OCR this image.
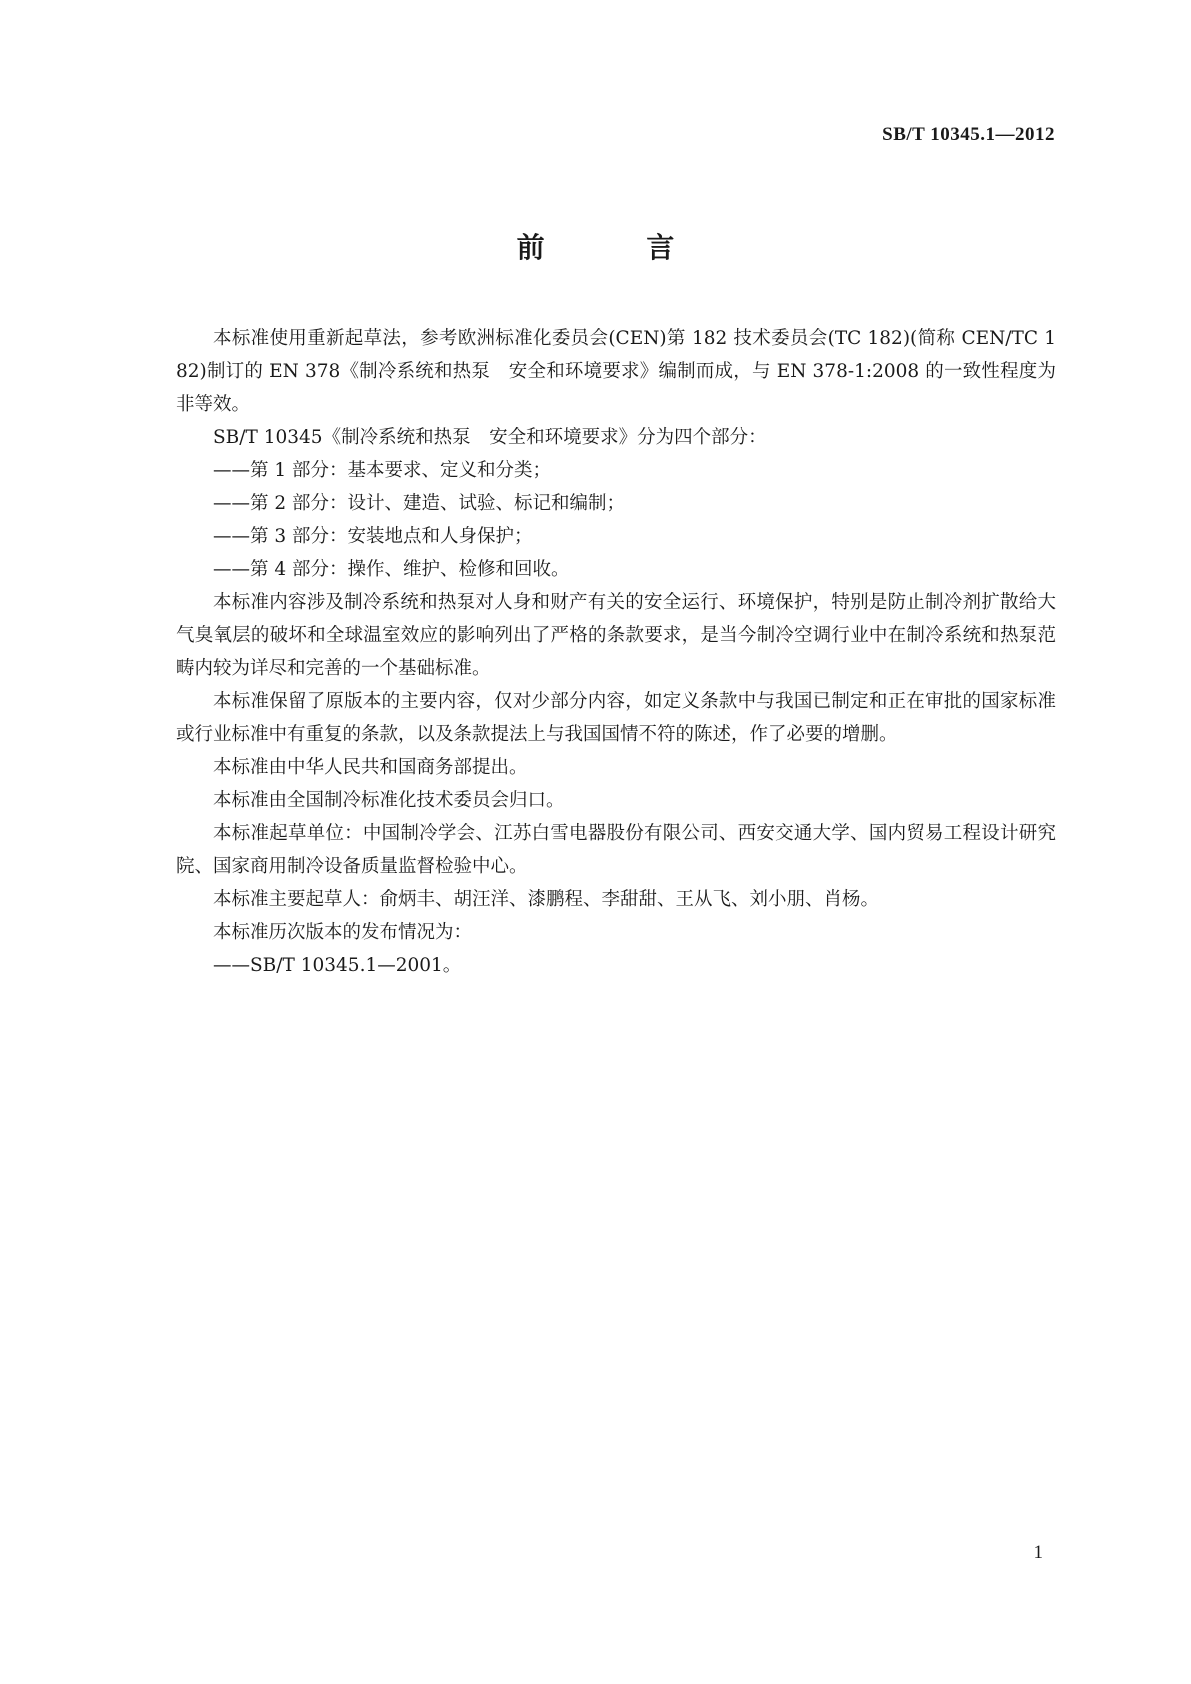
SB/T 10345.1—2012
前 言

本标准使用重新起草法，参考欧洲标准化委员会(CEN)第 182 技术委员会(TC 182)(简称 CEN/TC 182)制订的 EN 378《制冷系统和热泵　安全和环境要求》编制而成，与 EN 378-1:2008 的一致性程度为非等效。

SB/T 10345《制冷系统和热泵　安全和环境要求》分为四个部分：

——第 1 部分：基本要求、定义和分类；

——第 2 部分：设计、建造、试验、标记和编制；

——第 3 部分：安装地点和人身保护；

——第 4 部分：操作、维护、检修和回收。

本标准内容涉及制冷系统和热泵对人身和财产有关的安全运行、环境保护，特别是防止制冷剂扩散给大气臭氧层的破坏和全球温室效应的影响列出了严格的条款要求，是当今制冷空调行业中在制冷系统和热泵范畴内较为详尽和完善的一个基础标准。

本标准保留了原版本的主要内容，仅对少部分内容，如定义条款中与我国已制定和正在审批的国家标准或行业标准中有重复的条款，以及条款提法上与我国国情不符的陈述，作了必要的增删。

本标准由中华人民共和国商务部提出。

本标准由全国制冷标准化技术委员会归口。

本标准起草单位：中国制冷学会、江苏白雪电器股份有限公司、西安交通大学、国内贸易工程设计研究院、国家商用制冷设备质量监督检验中心。

本标准主要起草人：俞炳丰、胡汪洋、漆鹏程、李甜甜、王从飞、刘小朋、肖杨。

本标准历次版本的发布情况为：

——SB/T 10345.1—2001。

1
